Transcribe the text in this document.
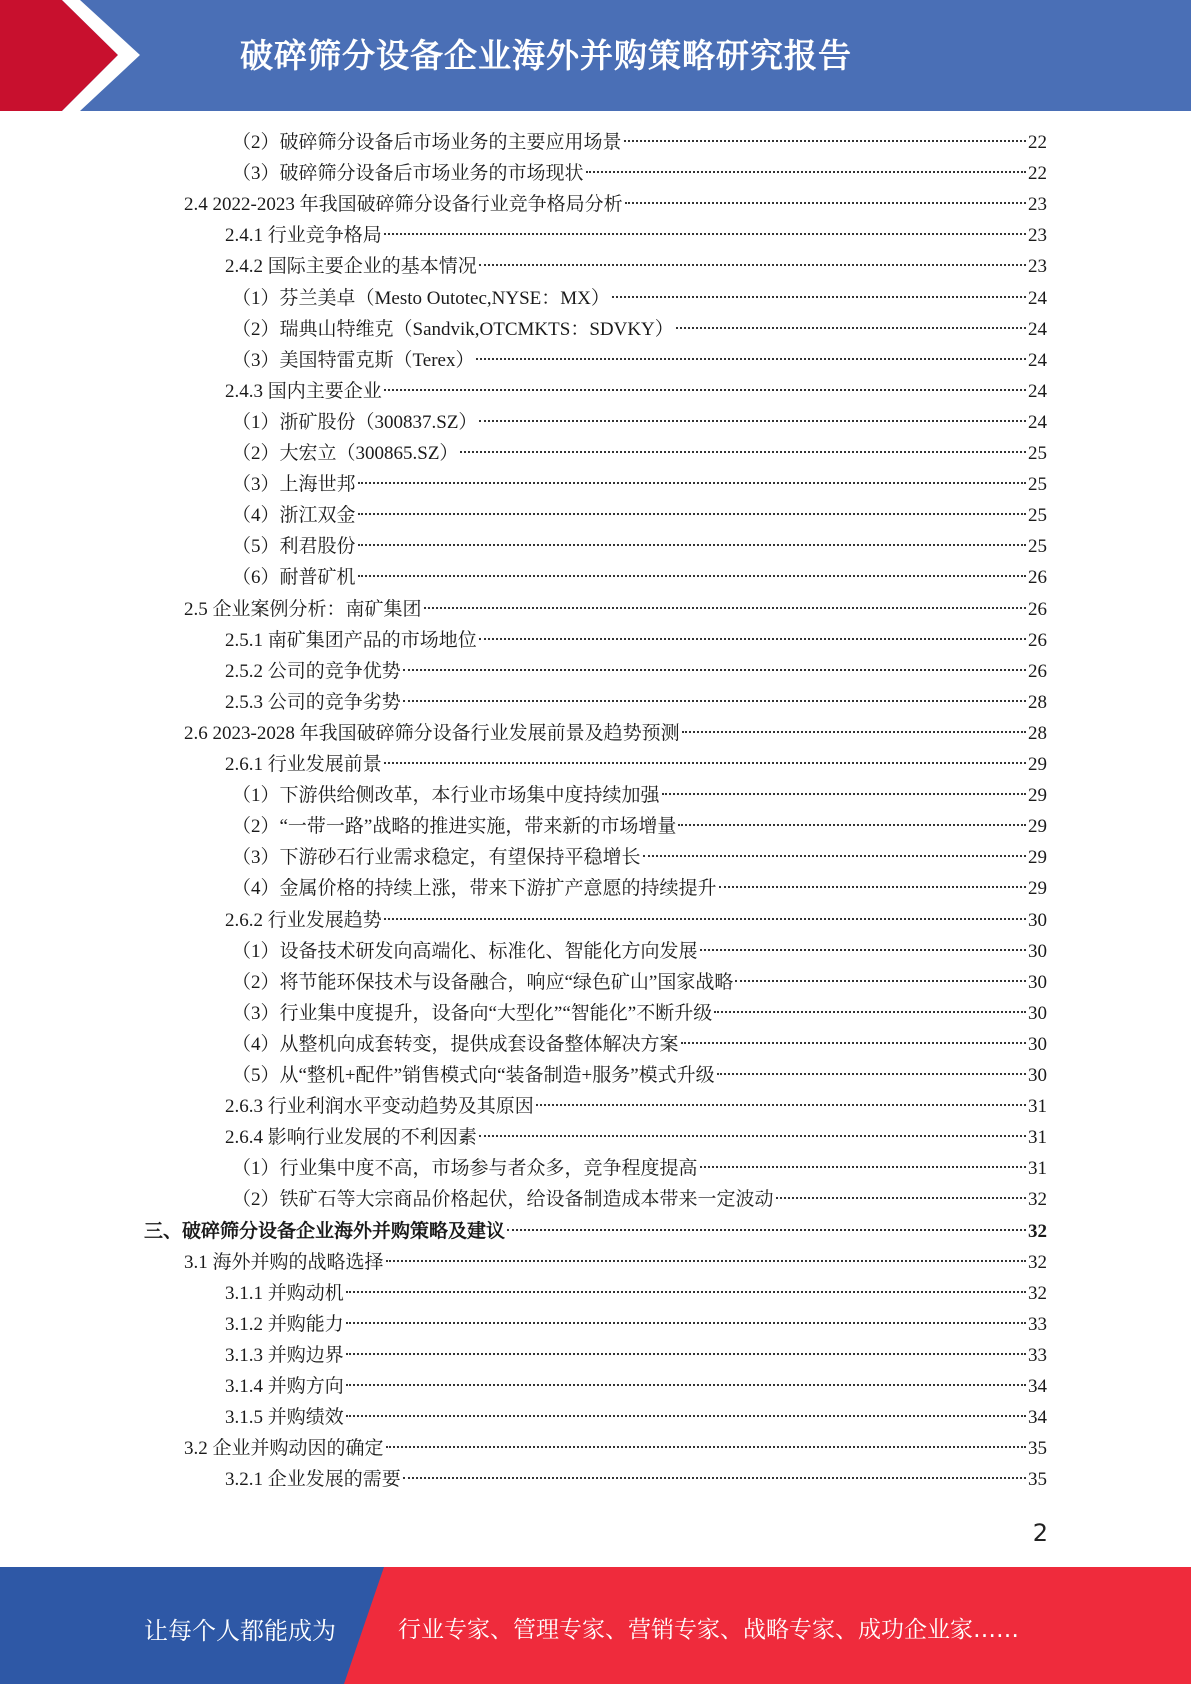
破碎筛分设备企业海外并购策略研究报告
（2）破碎筛分设备后市场业务的主要应用场景	22
（3）破碎筛分设备后市场业务的市场现状	22
2.4 2022-2023 年我国破碎筛分设备行业竞争格局分析	23
2.4.1 行业竞争格局	23
2.4.2 国际主要企业的基本情况	23
（1）芬兰美卓（Mesto Outotec,NYSE：MX）	24
（2）瑞典山特维克（Sandvik,OTCMKTS：SDVKY）	24
（3）美国特雷克斯（Terex）	24
2.4.3 国内主要企业	24
（1）浙矿股份（300837.SZ）	24
（2）大宏立（300865.SZ）	25
（3）上海世邦	25
（4）浙江双金	25
（5）利君股份	25
（6）耐普矿机	26
2.5 企业案例分析：南矿集团	26
2.5.1 南矿集团产品的市场地位	26
2.5.2 公司的竞争优势	26
2.5.3 公司的竞争劣势	28
2.6 2023-2028 年我国破碎筛分设备行业发展前景及趋势预测	28
2.6.1 行业发展前景	29
（1）下游供给侧改革，本行业市场集中度持续加强	29
（2）“一带一路”战略的推进实施，带来新的市场增量	29
（3）下游砂石行业需求稳定，有望保持平稳增长	29
（4）金属价格的持续上涨，带来下游扩产意愿的持续提升	29
2.6.2 行业发展趋势	30
（1）设备技术研发向高端化、标准化、智能化方向发展	30
（2）将节能环保技术与设备融合，响应“绿色矿山”国家战略	30
（3）行业集中度提升，设备向“大型化”“智能化”不断升级	30
（4）从整机向成套转变，提供成套设备整体解决方案	30
（5）从“整机+配件”销售模式向“装备制造+服务”模式升级	30
2.6.3 行业利润水平变动趋势及其原因	31
2.6.4 影响行业发展的不利因素	31
（1）行业集中度不高，市场参与者众多，竞争程度提高	31
（2）铁矿石等大宗商品价格起伏，给设备制造成本带来一定波动	32
三、破碎筛分设备企业海外并购策略及建议	32
3.1 海外并购的战略选择	32
3.1.1 并购动机	32
3.1.2 并购能力	33
3.1.3 并购边界	33
3.1.4 并购方向	34
3.1.5 并购绩效	34
3.2 企业并购动因的确定	35
3.2.1 企业发展的需要	35
2
让每个人都能成为	行业专家、管理专家、营销专家、战略专家、成功企业家……
